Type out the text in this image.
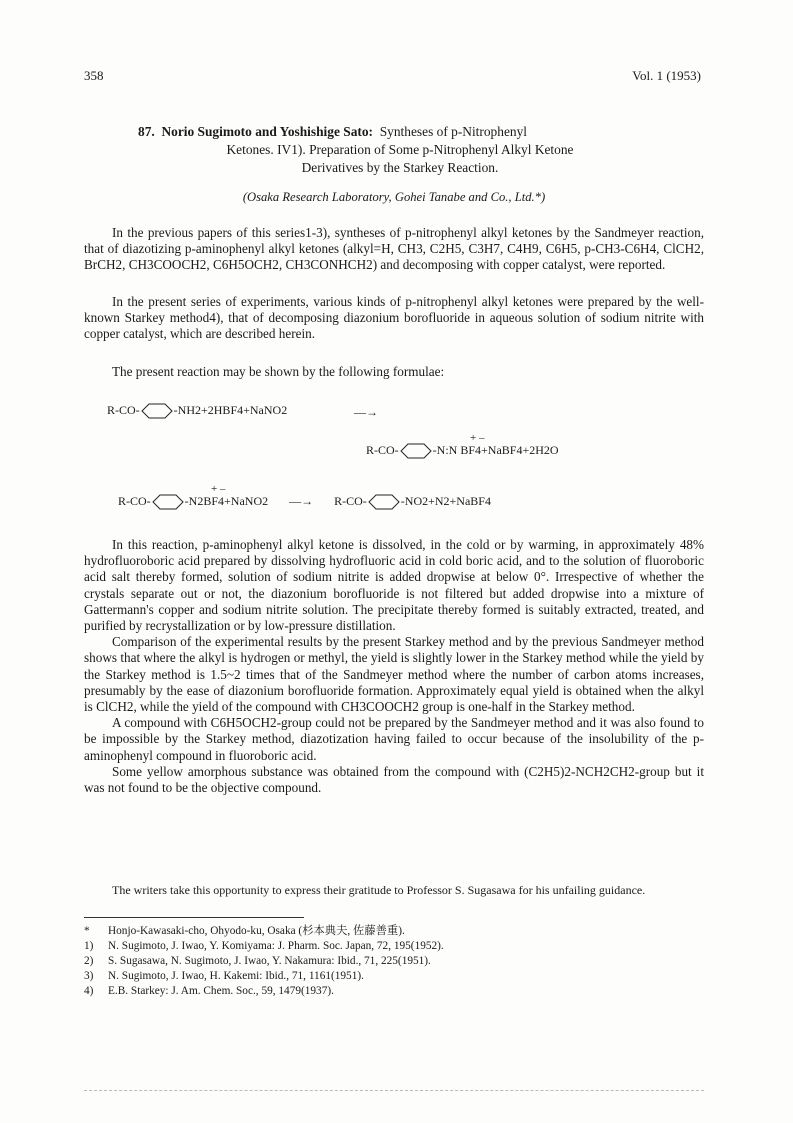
358	Vol. 1 (1953)
87. Norio Sugimoto and Yoshishige Sato: Syntheses of p-Nitrophenyl
Ketones. IV1). Preparation of Some p-Nitrophenyl Alkyl Ketone
Derivatives by the Starkey Reaction.
(Osaka Research Laboratory, Gohei Tanabe and Co., Ltd.*)

In the previous papers of this series1-3), syntheses of p-nitrophenyl alkyl ketones by the Sandmeyer reaction, that of diazotizing p-aminophenyl alkyl ketones (alkyl=H, CH3, C2H5, C3H7, C4H9, C6H5, p-CH3-C6H4, ClCH2, BrCH2, CH3COOCH2, C6H5OCH2, CH3CONHCH2) and decomposing with copper catalyst, were reported.

In the present series of experiments, various kinds of p-nitrophenyl alkyl ketones were prepared by the well-known Starkey method4), that of decomposing diazonium borofluoride in aqueous solution of sodium nitrite with copper catalyst, which are described herein.

The present reaction may be shown by the following formulae:

R-CO-	-NH2+2HBF4+NaNO2	—→
+ –
R-CO-	-N:N BF4+NaBF4+2H2O
+ –
R-CO-	-N2BF4+NaNO2 —→ R-CO-	-NO2+N2+NaBF4

In this reaction, p-aminophenyl alkyl ketone is dissolved, in the cold or by warming, in approximately 48% hydrofluoroboric acid prepared by dissolving hydrofluoric acid in cold boric acid, and to the solution of fluoroboric acid salt thereby formed, solution of sodium nitrite is added dropwise at below 0°. Irrespective of whether the crystals separate out or not, the diazonium borofluoride is not filtered but added dropwise into a mixture of Gattermann's copper and sodium nitrite solution. The precipitate thereby formed is suitably extracted, treated, and purified by recrystallization or by low-pressure distillation.

Comparison of the experimental results by the present Starkey method and by the previous Sandmeyer method shows that where the alkyl is hydrogen or methyl, the yield is slightly lower in the Starkey method while the yield by the Starkey method is 1.5~2 times that of the Sandmeyer method where the number of carbon atoms increases, presumably by the ease of diazonium borofluoride formation. Approximately equal yield is obtained when the alkyl is ClCH2, while the yield of the compound with CH3COOCH2 group is one-half in the Starkey method.

A compound with C6H5OCH2-group could not be prepared by the Sandmeyer method and it was also found to be impossible by the Starkey method, diazotization having failed to occur because of the insolubility of the p-aminophenyl compound in fluoroboric acid.

Some yellow amorphous substance was obtained from the compound with (C2H5)2-NCH2CH2-group but it was not found to be the objective compound.

The writers take this opportunity to express their gratitude to Professor S. Sugasawa for his unfailing guidance.
* Honjo-Kawasaki-cho, Ohyodo-ku, Osaka (杉本典夫, 佐藤善重).
1) N. Sugimoto, J. Iwao, Y. Komiyama: J. Pharm. Soc. Japan, 72, 195(1952).
2) S. Sugasawa, N. Sugimoto, J. Iwao, Y. Nakamura: Ibid., 71, 225(1951).
3) N. Sugimoto, J. Iwao, H. Kakemi: Ibid., 71, 1161(1951).
4) E.B. Starkey: J. Am. Chem. Soc., 59, 1479(1937).
